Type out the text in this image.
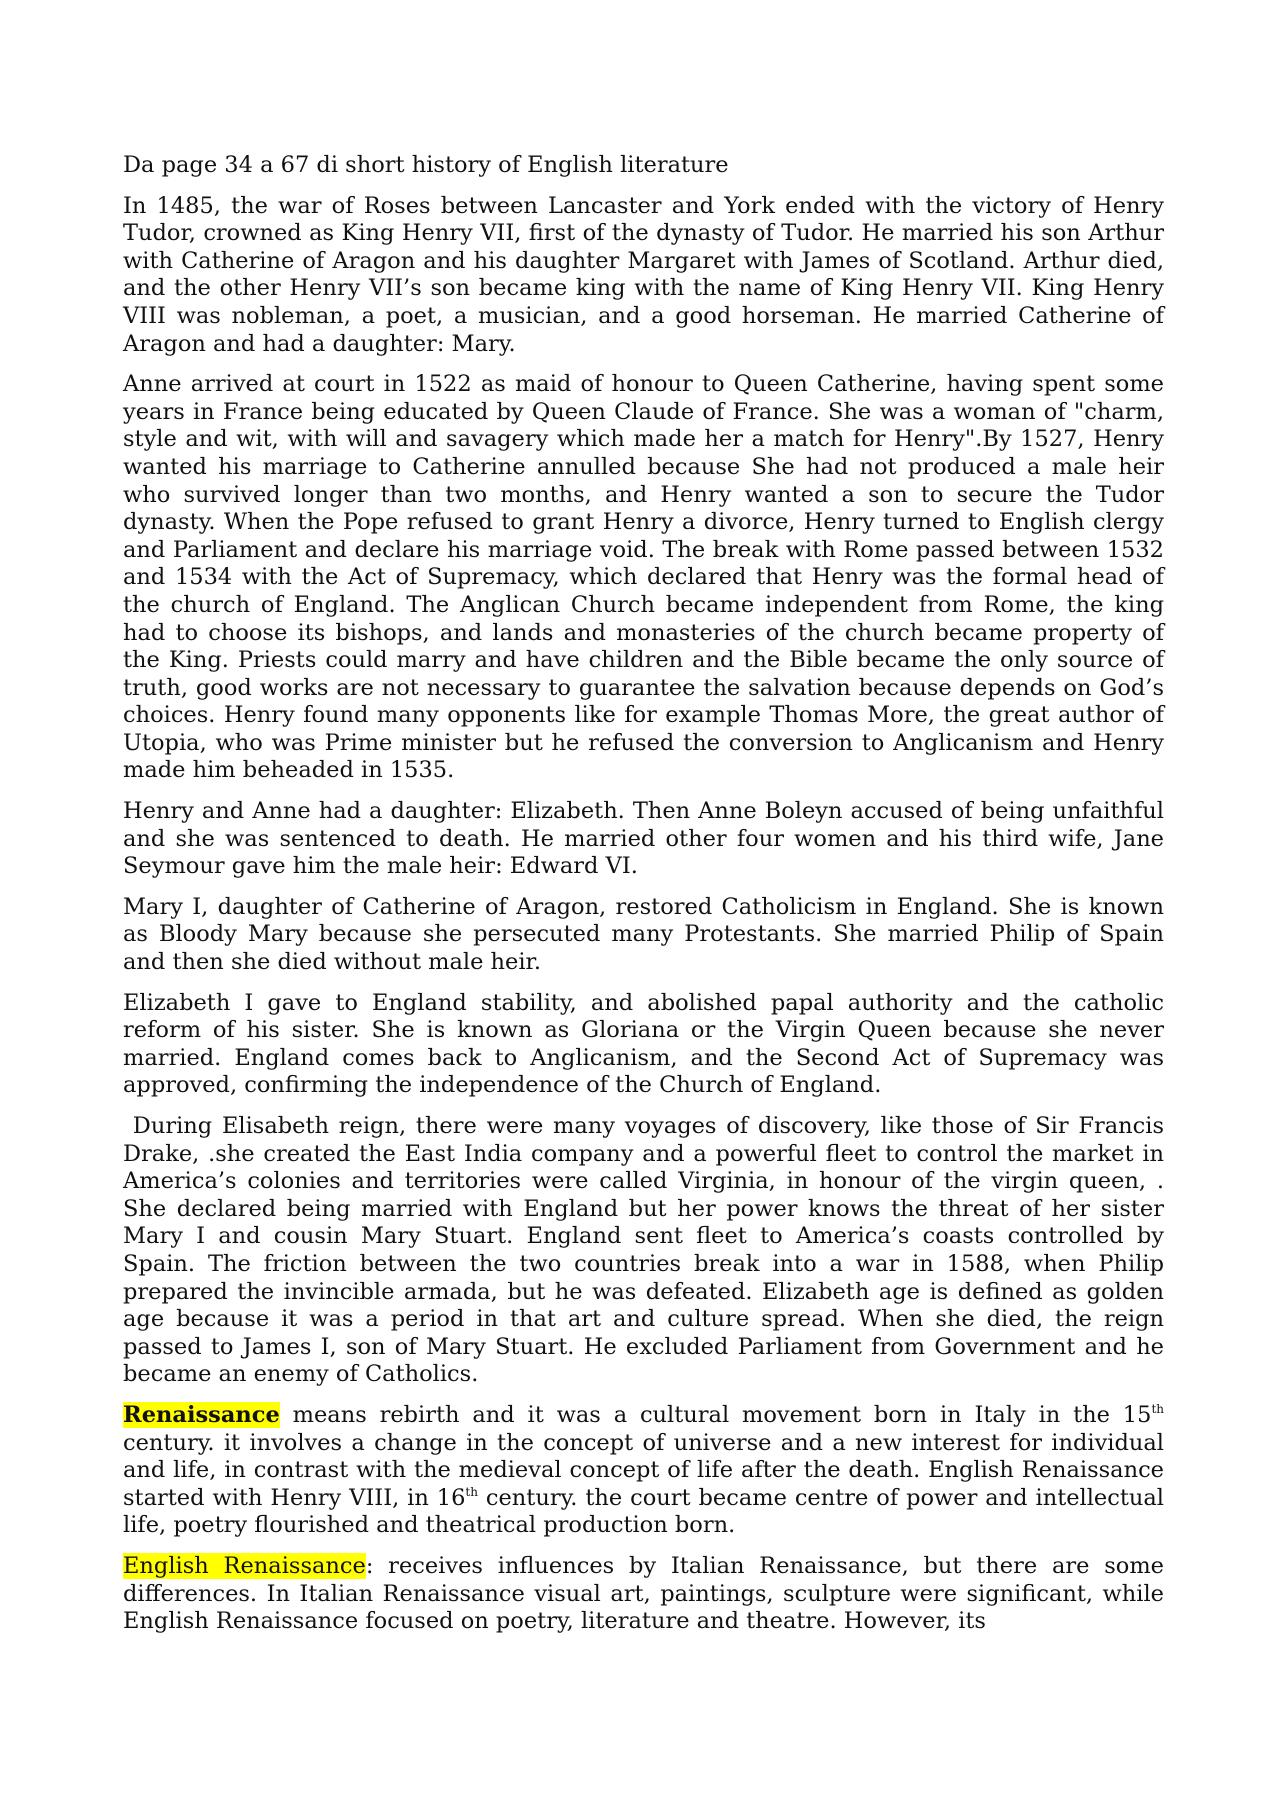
Da page 34 a 67 di short history of English literature

In 1485, the war of Roses between Lancaster and York ended with the victory of Henry Tudor, crowned as King Henry VII, first of the dynasty of Tudor. He married his son Arthur with Catherine of Aragon and his daughter Margaret with James of Scotland. Arthur died, and the other Henry VII’s son became king with the name of King Henry VII. King Henry VIII was nobleman, a poet, a musician, and a good horseman. He married Catherine of Aragon and had a daughter: Mary.

Anne arrived at court in 1522 as maid of honour to Queen Catherine, having spent some years in France being educated by Queen Claude of France. She was a woman of "charm, style and wit, with will and savagery which made her a match for Henry".By 1527, Henry wanted his marriage to Catherine annulled because She had not produced a male heir who survived longer than two months, and Henry wanted a son to secure the Tudor dynasty. When the Pope refused to grant Henry a divorce, Henry turned to English clergy and Parliament and declare his marriage void. The break with Rome passed between 1532 and 1534 with the Act of Supremacy, which declared that Henry was the formal head of the church of England. The Anglican Church became independent from Rome, the king had to choose its bishops, and lands and monasteries of the church became property of the King. Priests could marry and have children and the Bible became the only source of truth, good works are not necessary to guarantee the salvation because depends on God’s choices. Henry found many opponents like for example Thomas More, the great author of Utopia, who was Prime minister but he refused the conversion to Anglicanism and Henry made him beheaded in 1535.

Henry and Anne had a daughter: Elizabeth. Then Anne Boleyn accused of being unfaithful and she was sentenced to death. He married other four women and his third wife, Jane Seymour gave him the male heir: Edward VI.

Mary I, daughter of Catherine of Aragon, restored Catholicism in England. She is known as Bloody Mary because she persecuted many Protestants. She married Philip of Spain and then she died without male heir.

Elizabeth I gave to England stability, and abolished papal authority and the catholic reform of his sister. She is known as Gloriana or the Virgin Queen because she never married. England comes back to Anglicanism, and the Second Act of Supremacy was approved, confirming the independence of the Church of England.

During Elisabeth reign, there were many voyages of discovery, like those of Sir Francis Drake, .she created the East India company and a powerful fleet to control the market in America’s colonies and territories were called Virginia, in honour of the virgin queen, . She declared being married with England but her power knows the threat of her sister Mary I and cousin Mary Stuart. England sent fleet to America’s coasts controlled by Spain. The friction between the two countries break into a war in 1588, when Philip prepared the invincible armada, but he was defeated. Elizabeth age is defined as golden age because it was a period in that art and culture spread. When she died, the reign passed to James I, son of Mary Stuart. He excluded Parliament from Government and he became an enemy of Catholics.

Renaissance means rebirth and it was a cultural movement born in Italy in the 15th century. it involves a change in the concept of universe and a new interest for individual and life, in contrast with the medieval concept of life after the death. English Renaissance started with Henry VIII, in 16th century. the court became centre of power and intellectual life, poetry flourished and theatrical production born.

English Renaissance: receives influences by Italian Renaissance, but there are some differences. In Italian Renaissance visual art, paintings, sculpture were significant, while English Renaissance focused on poetry, literature and theatre. However, its
